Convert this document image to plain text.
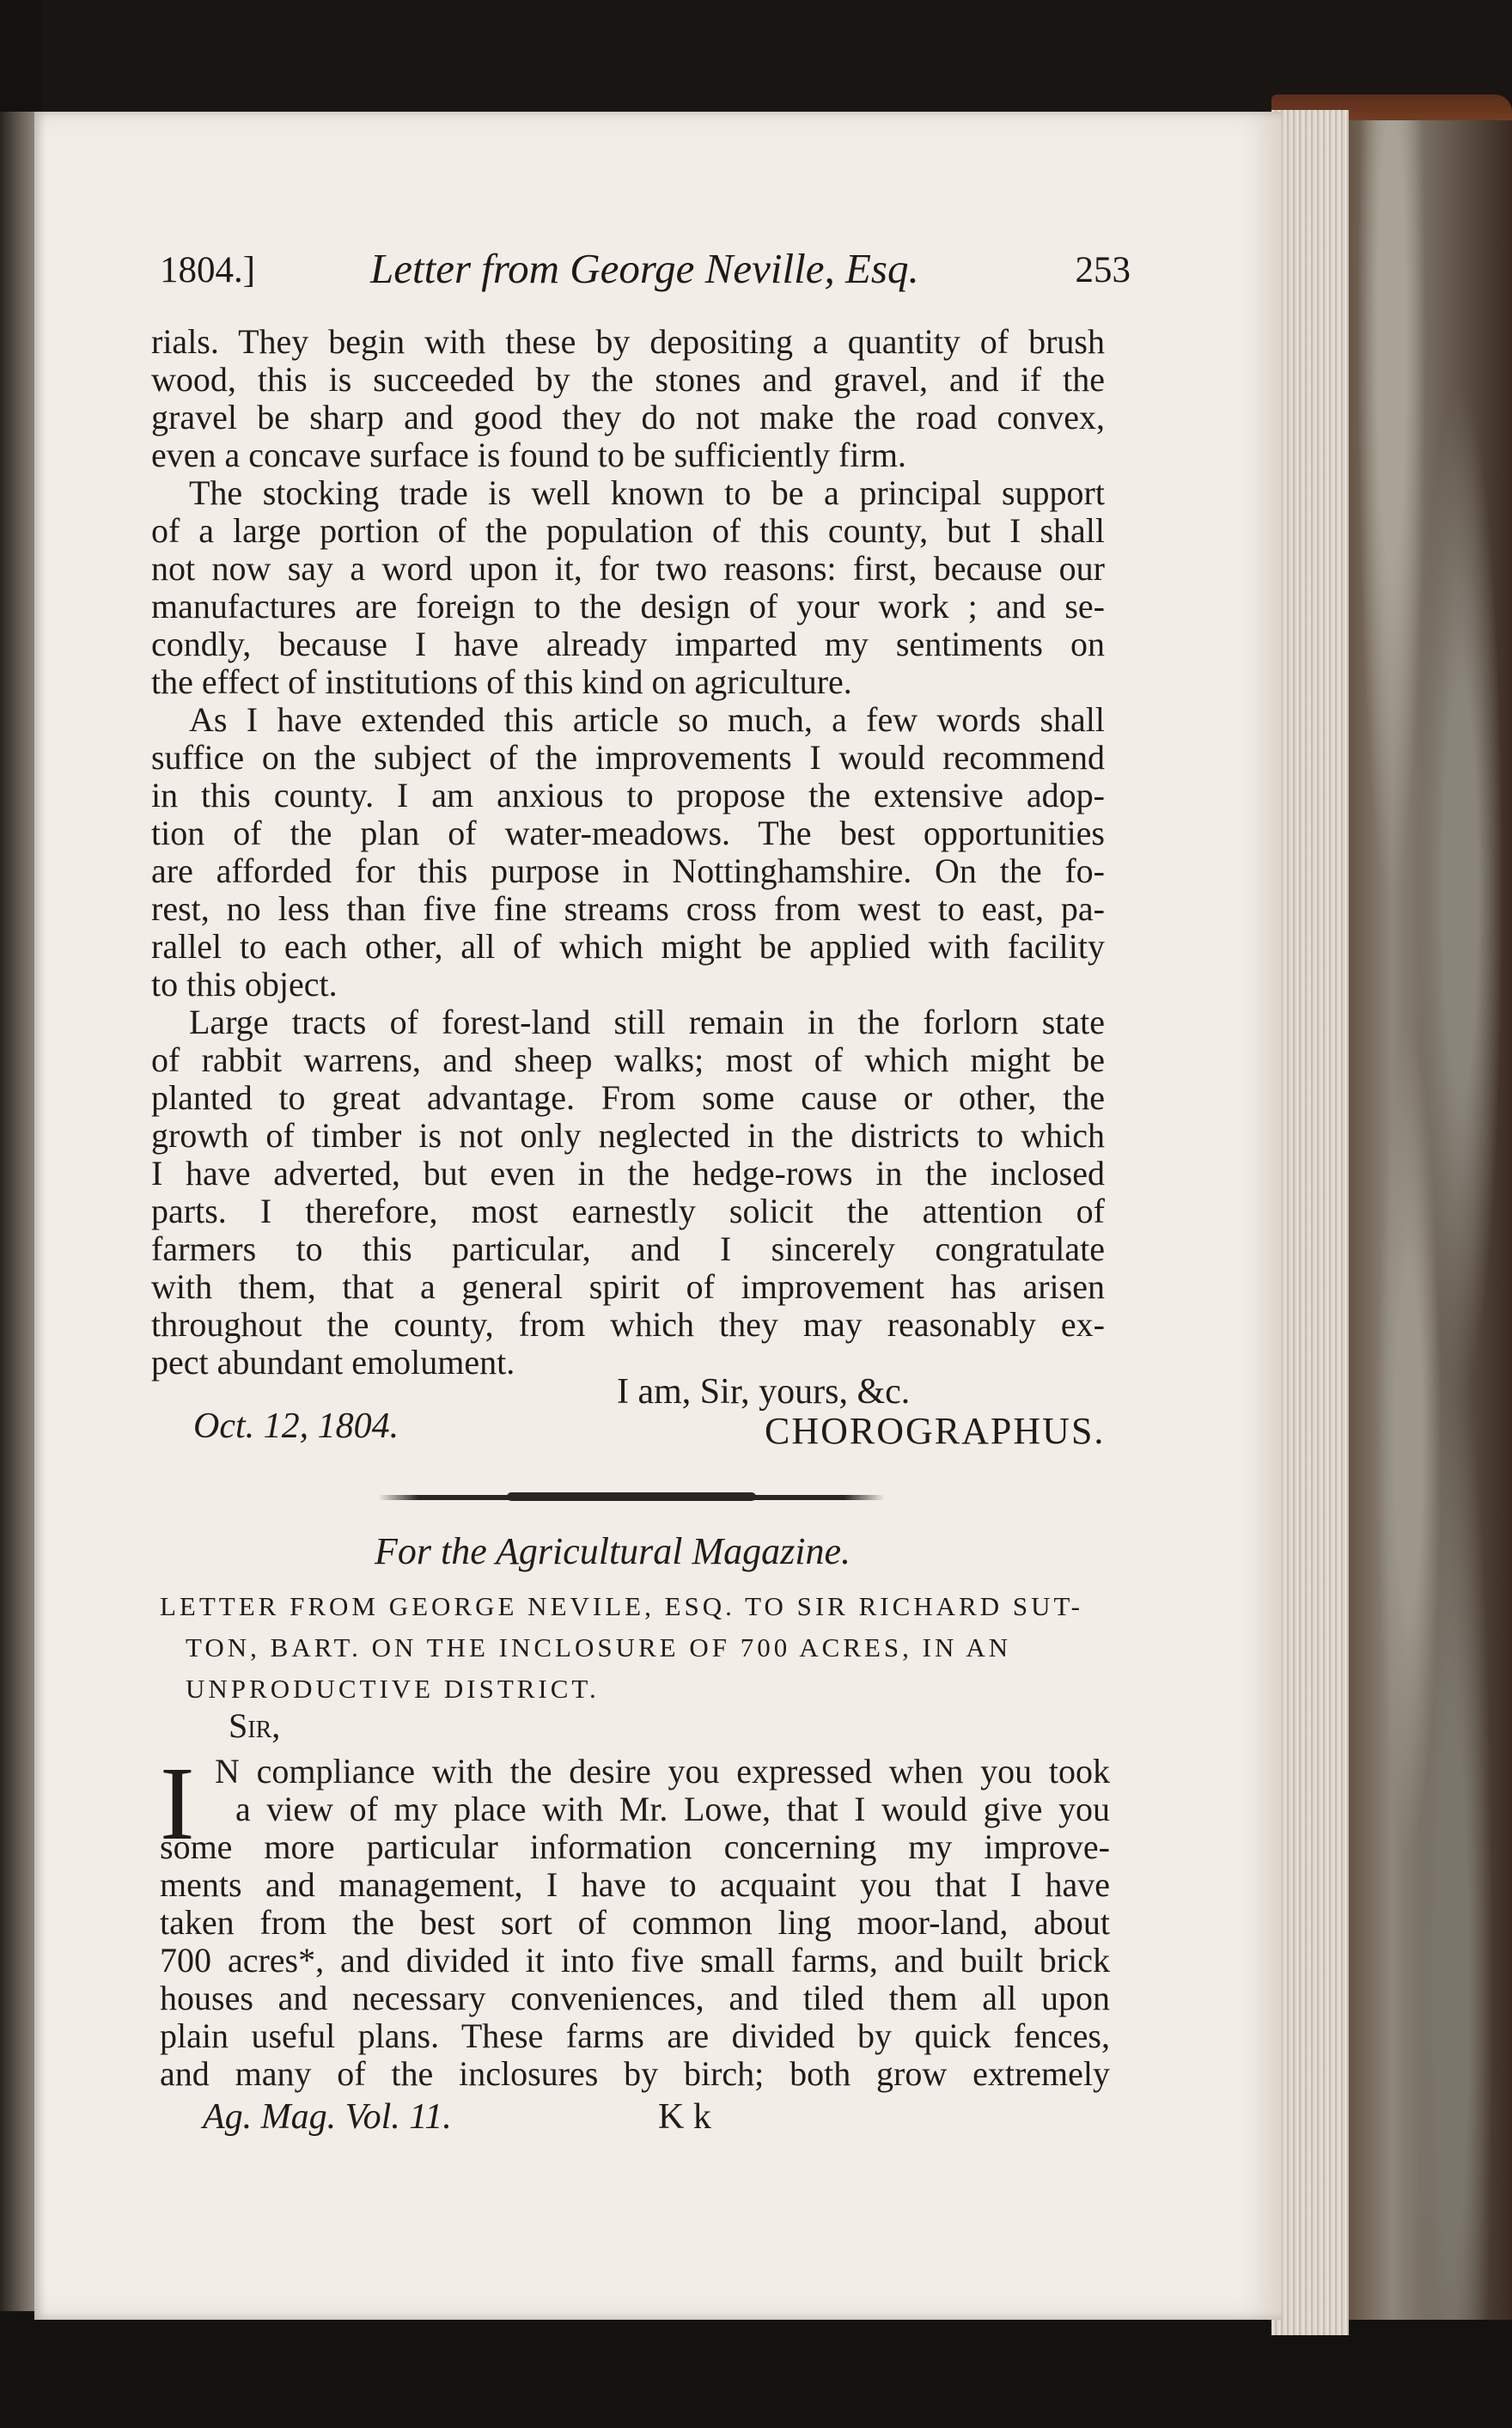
1804.]	Letter from George Neville, Esq.	253
rials. They begin with these by depositing a quantity of brush
wood, this is succeeded by the stones and gravel, and if the
gravel be sharp and good they do not make the road convex,
even a concave surface is found to be sufficiently firm.
The stocking trade is well known to be a principal support
of a large portion of the population of this county, but I shall
not now say a word upon it, for two reasons: first, because our
manufactures are foreign to the design of your work ; and se-
condly, because I have already imparted my sentiments on
the effect of institutions of this kind on agriculture.
As I have extended this article so much, a few words shall
suffice on the subject of the improvements I would recommend
in this county. I am anxious to propose the extensive adop-
tion of the plan of water-meadows. The best opportunities
are afforded for this purpose in Nottinghamshire. On the fo-
rest, no less than five fine streams cross from west to east, pa-
rallel to each other, all of which might be applied with facility
to this object.
Large tracts of forest-land still remain in the forlorn state
of rabbit warrens, and sheep walks; most of which might be
planted to great advantage. From some cause or other, the
growth of timber is not only neglected in the districts to which
I have adverted, but even in the hedge-rows in the inclosed
parts. I therefore, most earnestly solicit the attention of
farmers to this particular, and I sincerely congratulate
with them, that a general spirit of improvement has arisen
throughout the county, from which they may reasonably ex-
pect abundant emolument.
I am, Sir, yours, &c.
Oct. 12, 1804.	CHOROGRAPHUS.
For the Agricultural Magazine.
LETTER FROM GEORGE NEVILE, ESQ. TO SIR RICHARD SUT-
TON, BART. ON THE INCLOSURE OF 700 ACRES, IN AN
UNPRODUCTIVE DISTRICT.
Sir,
I N compliance with the desire you expressed when you took
a view of my place with Mr. Lowe, that I would give you
some more particular information concerning my improve-
ments and management, I have to acquaint you that I have
taken from the best sort of common ling moor-land, about
700 acres*, and divided it into five small farms, and built brick
houses and necessary conveniences, and tiled them all upon
plain useful plans. These farms are divided by quick fences,
and many of the inclosures by birch; both grow extremely
Ag. Mag. Vol. 11.	K k
